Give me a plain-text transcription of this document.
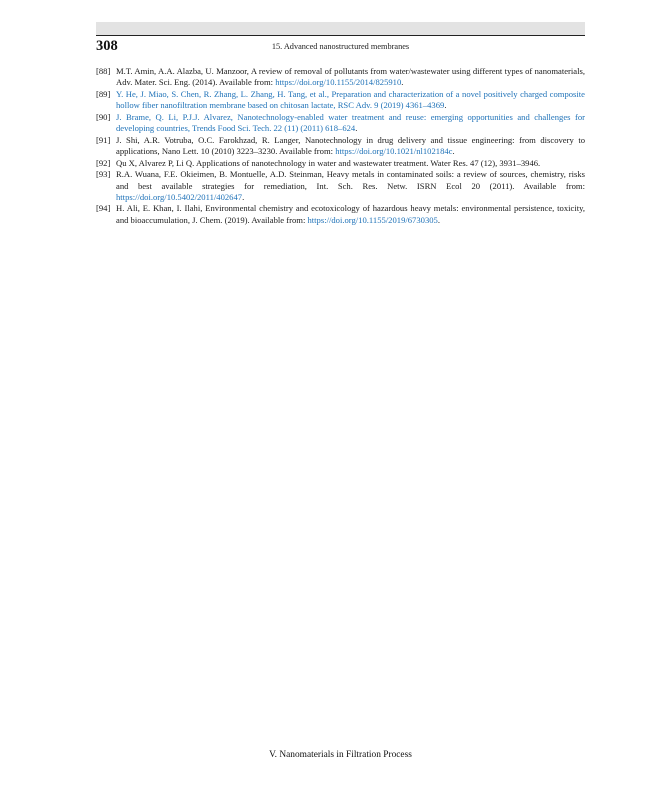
308	15. Advanced nanostructured membranes
[88] M.T. Amin, A.A. Alazba, U. Manzoor, A review of removal of pollutants from water/wastewater using different types of nanomaterials, Adv. Mater. Sci. Eng. (2014). Available from: https://doi.org/10.1155/2014/825910.
[89] Y. He, J. Miao, S. Chen, R. Zhang, L. Zhang, H. Tang, et al., Preparation and characterization of a novel positively charged composite hollow fiber nanofiltration membrane based on chitosan lactate, RSC Adv. 9 (2019) 4361–4369.
[90] J. Brame, Q. Li, P.J.J. Alvarez, Nanotechnology-enabled water treatment and reuse: emerging opportunities and challenges for developing countries, Trends Food Sci. Tech. 22 (11) (2011) 618–624.
[91] J. Shi, A.R. Votruba, O.C. Farokhzad, R. Langer, Nanotechnology in drug delivery and tissue engineering: from discovery to applications, Nano Lett. 10 (2010) 3223–3230. Available from: https://doi.org/10.1021/nl102184c.
[92] Qu X, Alvarez P, Li Q. Applications of nanotechnology in water and wastewater treatment. Water Res. 47 (12), 3931–3946.
[93] R.A. Wuana, F.E. Okieimen, B. Montuelle, A.D. Steinman, Heavy metals in contaminated soils: a review of sources, chemistry, risks and best available strategies for remediation, Int. Sch. Res. Netw. ISRN Ecol 20 (2011). Available from: https://doi.org/10.5402/2011/402647.
[94] H. Ali, E. Khan, I. Ilahi, Environmental chemistry and ecotoxicology of hazardous heavy metals: environmental persistence, toxicity, and bioaccumulation, J. Chem. (2019). Available from: https://doi.org/10.1155/2019/6730305.
V. Nanomaterials in Filtration Process
